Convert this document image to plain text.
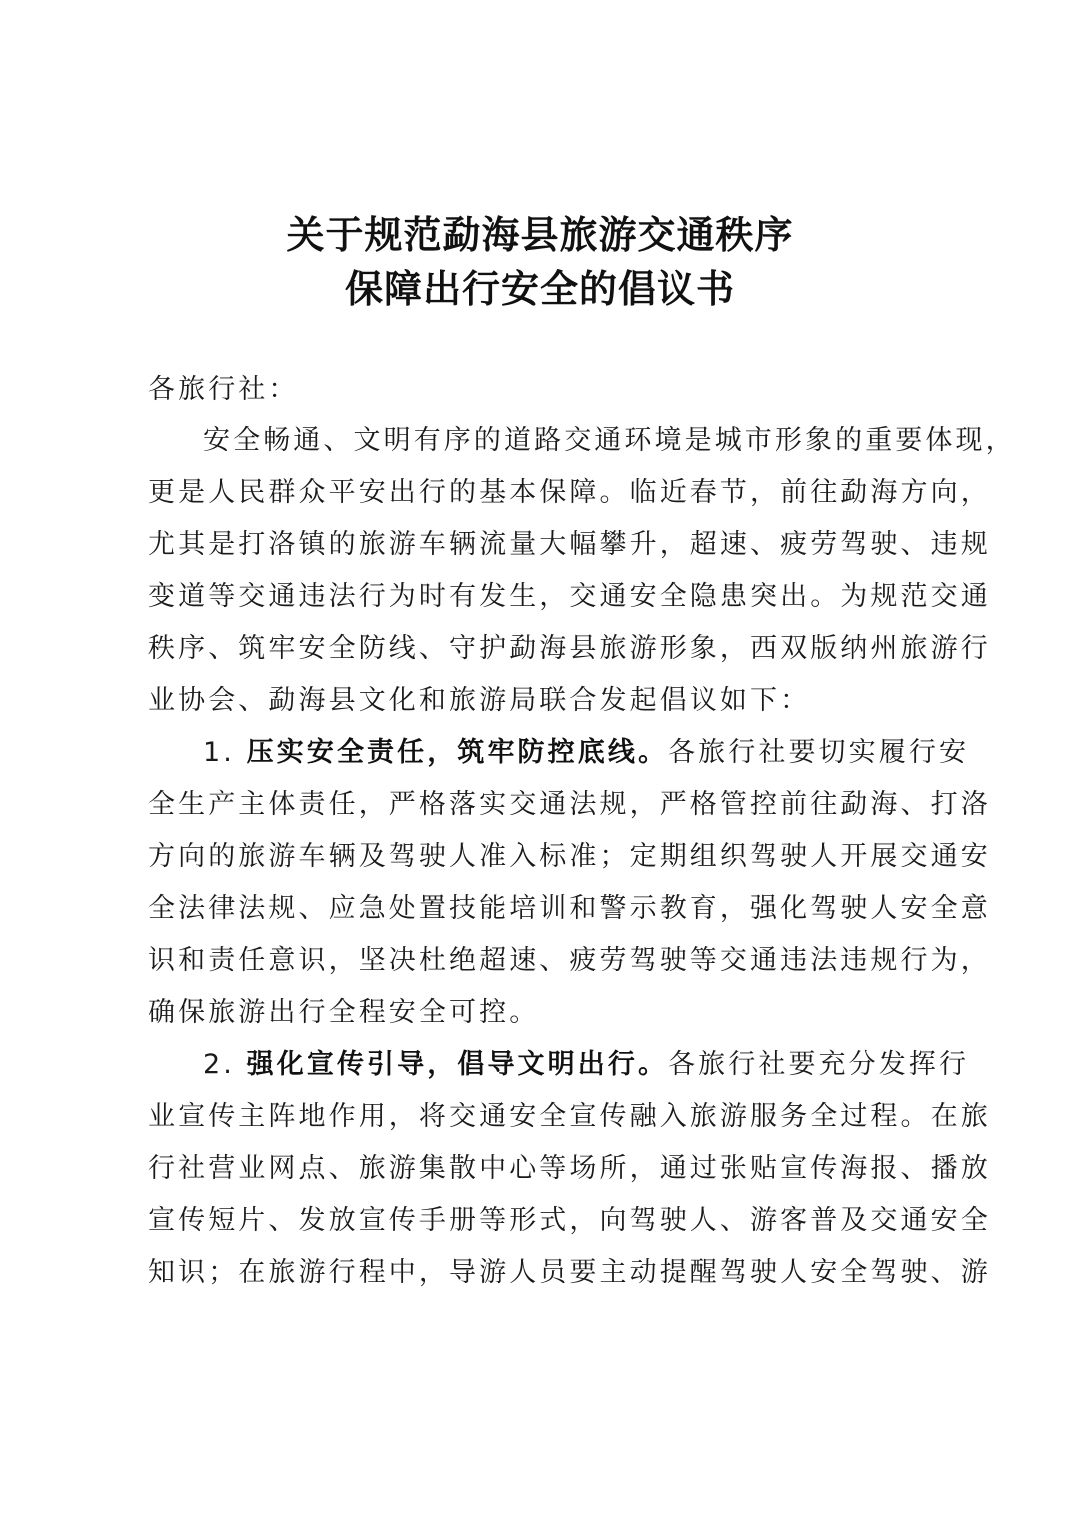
关于规范勐海县旅游交通秩序
保障出行安全的倡议书
各旅行社：
安全畅通、文明有序的道路交通环境是城市形象的重要体现，
更是人民群众平安出行的基本保障。临近春节，前往勐海方向，
尤其是打洛镇的旅游车辆流量大幅攀升，超速、疲劳驾驶、违规
变道等交通违法行为时有发生，交通安全隐患突出。为规范交通
秩序、筑牢安全防线、守护勐海县旅游形象，西双版纳州旅游行
业协会、勐海县文化和旅游局联合发起倡议如下：
1. 压实安全责任，筑牢防控底线。各旅行社要切实履行安
全生产主体责任，严格落实交通法规，严格管控前往勐海、打洛
方向的旅游车辆及驾驶人准入标准；定期组织驾驶人开展交通安
全法律法规、应急处置技能培训和警示教育，强化驾驶人安全意
识和责任意识，坚决杜绝超速、疲劳驾驶等交通违法违规行为，
确保旅游出行全程安全可控。
2. 强化宣传引导，倡导文明出行。各旅行社要充分发挥行
业宣传主阵地作用，将交通安全宣传融入旅游服务全过程。在旅
行社营业网点、旅游集散中心等场所，通过张贴宣传海报、播放
宣传短片、发放宣传手册等形式，向驾驶人、游客普及交通安全
知识；在旅游行程中，导游人员要主动提醒驾驶人安全驾驶、游
